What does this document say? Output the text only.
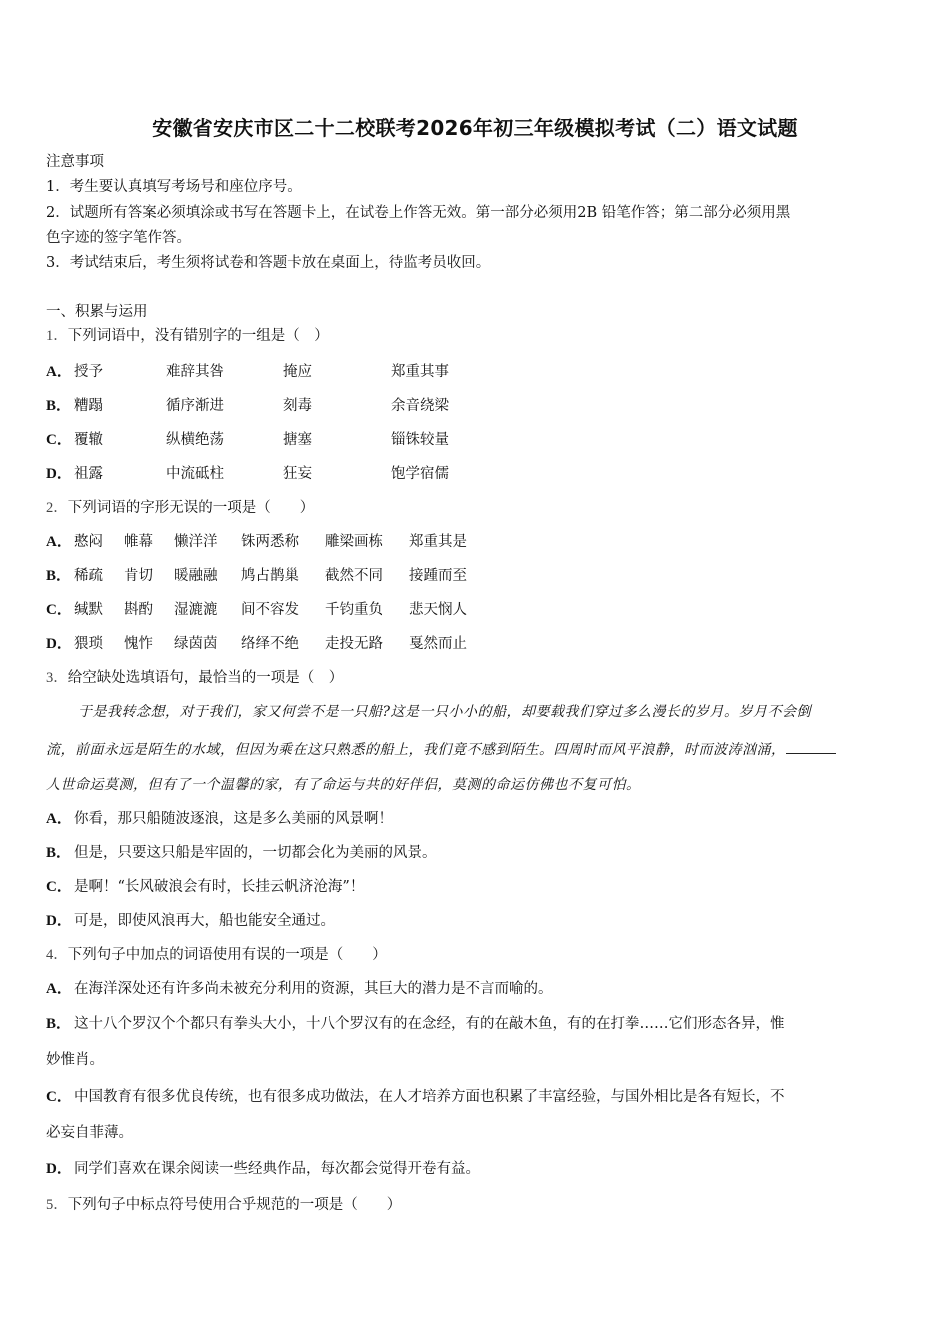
安徽省安庆市区二十二校联考2026年初三年级模拟考试（二）语文试题
注意事项
1．考生要认真填写考场号和座位序号。
2．试题所有答案必须填涂或书写在答题卡上，在试卷上作答无效。第一部分必须用2B 铅笔作答；第二部分必须用黑
色字迹的签字笔作答。
3．考试结束后，考生须将试卷和答题卡放在桌面上，待监考员收回。
一、积累与运用
1．下列词语中，没有错别字的一组是（　）
A． 授予	难辞其咎	掩应	郑重其事
B． 糟蹋	循序渐进	刻毒	余音绕梁
C． 覆辙	纵横绝荡	搪塞	锱铢较量
D． 祖露	中流砥柱	狂妄	饱学宿儒
2．下列词语的字形无误的一项是（　　）
A． 憨闷 帷幕 懒洋洋 铢两悉称 雕梁画栋 郑重其是
B． 稀疏 肯切 暖融融 鸠占鹊巢 截然不同 接踵而至
C． 缄默 斟酌 湿漉漉 间不容发 千钧重负 悲天悯人
D． 猥琐 愧怍 绿茵茵 络绎不绝 走投无路 戛然而止
3．给空缺处选填语句，最恰当的一项是（　）
于是我转念想，对于我们，家又何尝不是一只船?这是一只小小的船，却要载我们穿过多么漫长的岁月。岁月不会倒
流，前面永远是陌生的水域，但因为乘在这只熟悉的船上，我们竟不感到陌生。四周时而风平浪静，时而波涛汹涌，
人世命运莫测，但有了一个温馨的家，有了命运与共的好伴侣，莫测的命运仿佛也不复可怕。
A． 你看，那只船随波逐浪，这是多么美丽的风景啊！
B． 但是，只要这只船是牢固的，一切都会化为美丽的风景。
C． 是啊！“长风破浪会有时，长挂云帆济沧海”！
D． 可是，即使风浪再大，船也能安全通过。
4．下列句子中加点的词语使用有误的一项是（　　）
A． 在海洋深处还有许多尚未被充分利用的资源，其巨大的潜力是不言而喻的。
B． 这十八个罗汉个个都只有拳头大小，十八个罗汉有的在念经，有的在敲木鱼，有的在打拳……它们形态各异，惟
妙惟肖。
C． 中国教育有很多优良传统，也有很多成功做法，在人才培养方面也积累了丰富经验，与国外相比是各有短长，不
必妄自菲薄。
D． 同学们喜欢在课余阅读一些经典作品，每次都会觉得开卷有益。
5．下列句子中标点符号使用合乎规范的一项是（　　）
